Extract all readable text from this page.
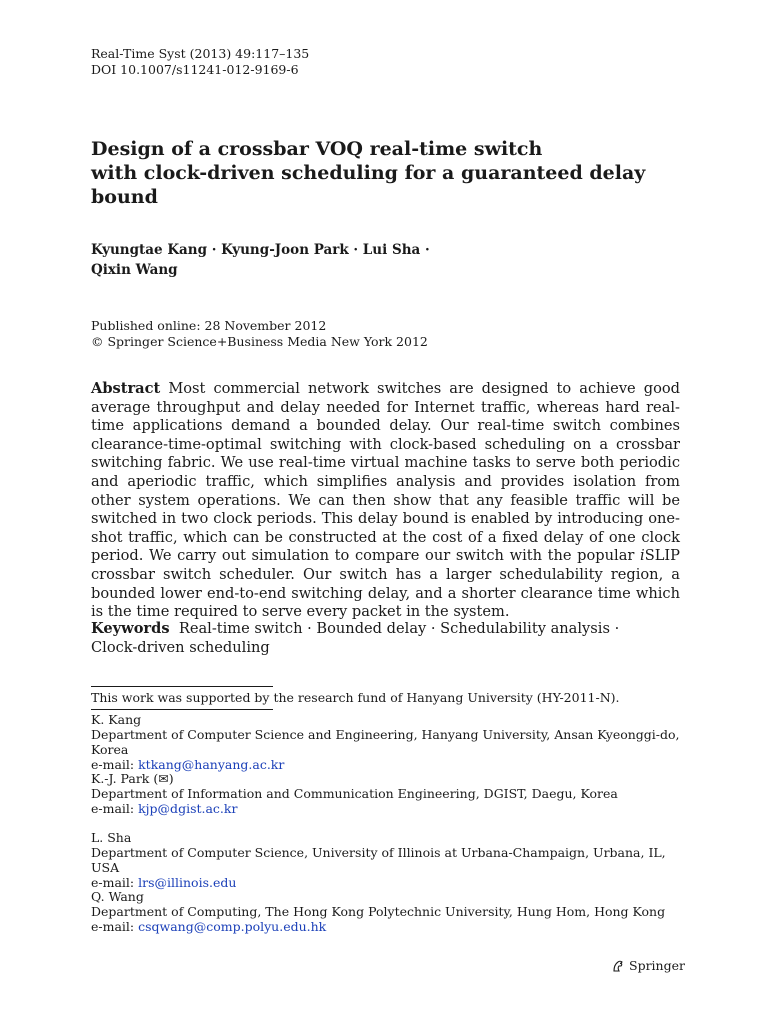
Real-Time Syst (2013) 49:117–135
DOI 10.1007/s11241-012-9169-6
Design of a crossbar VOQ real-time switch
with clock-driven scheduling for a guaranteed delay
bound
Kyungtae Kang · Kyung-Joon Park · Lui Sha ·
Qixin Wang
Published online: 28 November 2012
© Springer Science+Business Media New York 2012
Abstract Most commercial network switches are designed to achieve good average throughput and delay needed for Internet traffic, whereas hard real-time applications demand a bounded delay. Our real-time switch combines clearance-time-optimal switching with clock-based scheduling on a crossbar switching fabric. We use real-time virtual machine tasks to serve both periodic and aperiodic traffic, which simplifies analysis and provides isolation from other system operations. We can then show that any feasible traffic will be switched in two clock periods. This delay bound is enabled by introducing one-shot traffic, which can be constructed at the cost of a fixed delay of one clock period. We carry out simulation to compare our switch with the popular iSLIP crossbar switch scheduler. Our switch has a larger schedulability region, a bounded lower end-to-end switching delay, and a shorter clearance time which is the time required to serve every packet in the system.
Keywords Real-time switch · Bounded delay · Schedulability analysis ·
Clock-driven scheduling
This work was supported by the research fund of Hanyang University (HY-2011-N).
K. Kang
Department of Computer Science and Engineering, Hanyang University, Ansan Kyeonggi-do, Korea
e-mail: ktkang@hanyang.ac.kr
K.-J. Park (✉)
Department of Information and Communication Engineering, DGIST, Daegu, Korea
e-mail: kjp@dgist.ac.kr
L. Sha
Department of Computer Science, University of Illinois at Urbana-Champaign, Urbana, IL, USA
e-mail: lrs@illinois.edu
Q. Wang
Department of Computing, The Hong Kong Polytechnic University, Hung Hom, Hong Kong
e-mail: csqwang@comp.polyu.edu.hk
Springer
